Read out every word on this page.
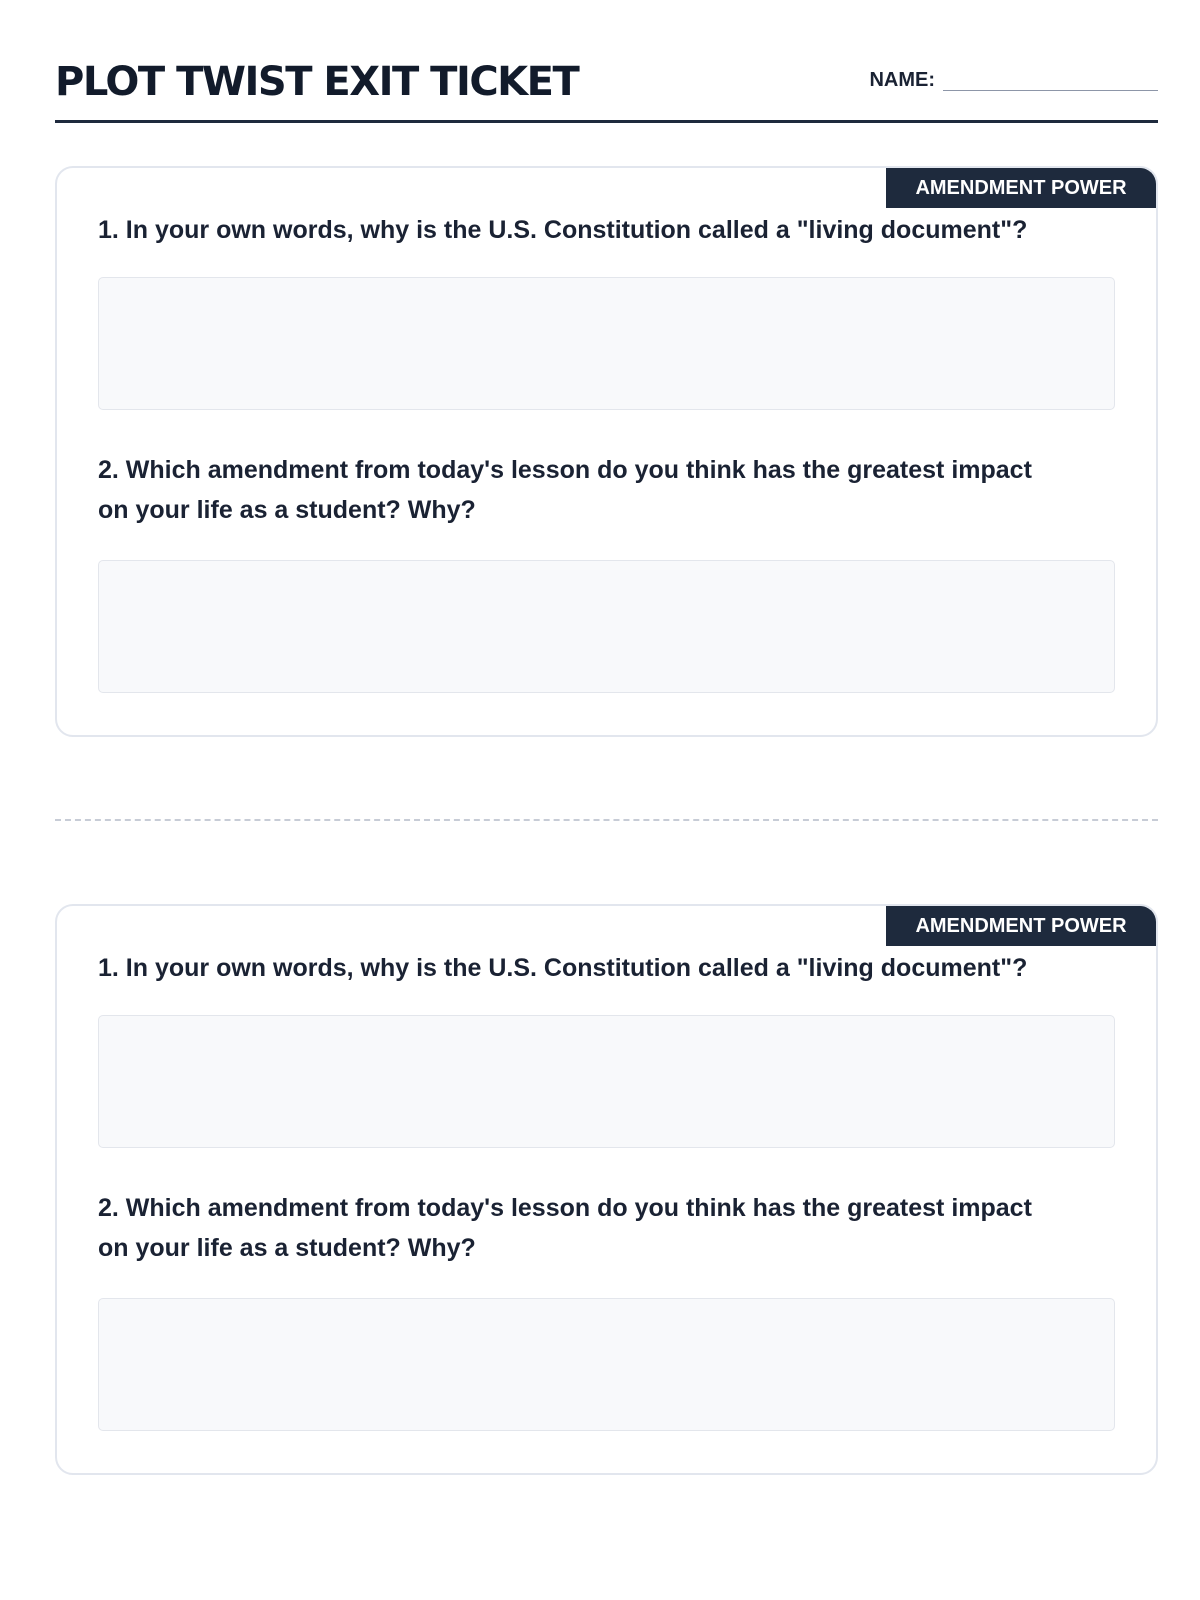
PLOT TWIST EXIT TICKET	NAME:
AMENDMENT POWER

1. In your own words, why is the U.S. Constitution called a "living document"?

2. Which amendment from today's lesson do you think has the greatest impact on your life as a student? Why?

AMENDMENT POWER

1. In your own words, why is the U.S. Constitution called a "living document"?

2. Which amendment from today's lesson do you think has the greatest impact on your life as a student? Why?
